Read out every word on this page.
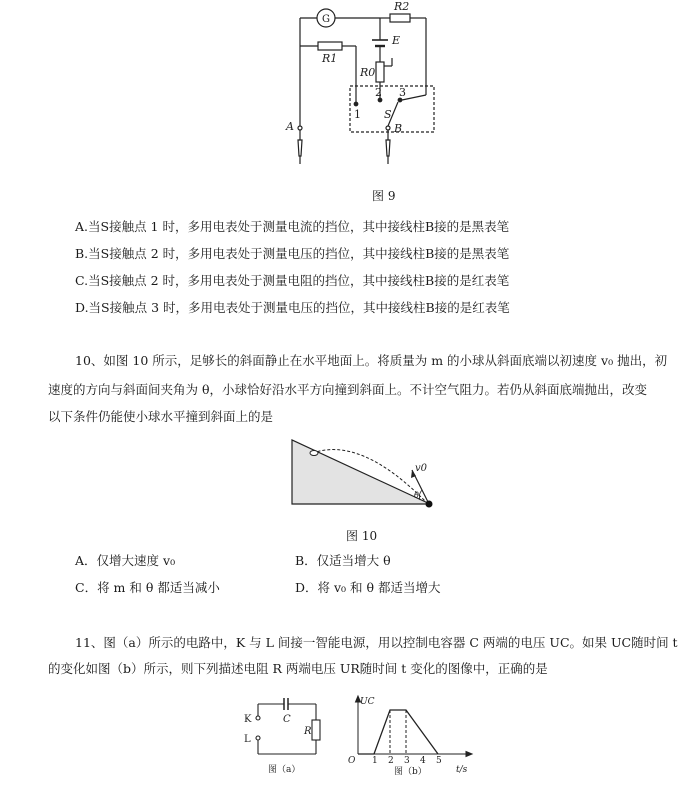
G
R2
E
R1
R0
1
2 3
S
A	B
图 9
A.当S接触点 1 时，多用电表处于测量电流的挡位，其中接线柱B接的是黑表笔
B.当S接触点 2 时，多用电表处于测量电压的挡位，其中接线柱B接的是黑表笔
C.当S接触点 2 时，多用电表处于测量电阻的挡位，其中接线柱B接的是红表笔
D.当S接触点 3 时，多用电表处于测量电压的挡位，其中接线柱B接的是红表笔
10、如图 10 所示，足够长的斜面静止在水平地面上。将质量为 m 的小球从斜面底端以初速度 v₀ 抛出，初
速度的方向与斜面间夹角为 θ，小球恰好沿水平方向撞到斜面上。不计空气阻力。若仍从斜面底端抛出，改变
以下条件仍能使小球水平撞到斜面上的是
v0
θ
图 10
A．仅增大速度 v₀	B．仅适当增大 θ
C．将 m 和 θ 都适当减小	D．将 v₀ 和 θ 都适当增大
11、图（a）所示的电路中，K 与 L 间接一智能电源，用以控制电容器 C 两端的电压 UC。如果 UC随时间 t
的变化如图（b）所示，则下列描述电阻 R 两端电压 UR随时间 t 变化的图像中，正确的是
K
L
C
R
图（a）
UC
O 1 2 3 4 5
t/s
图（b）
